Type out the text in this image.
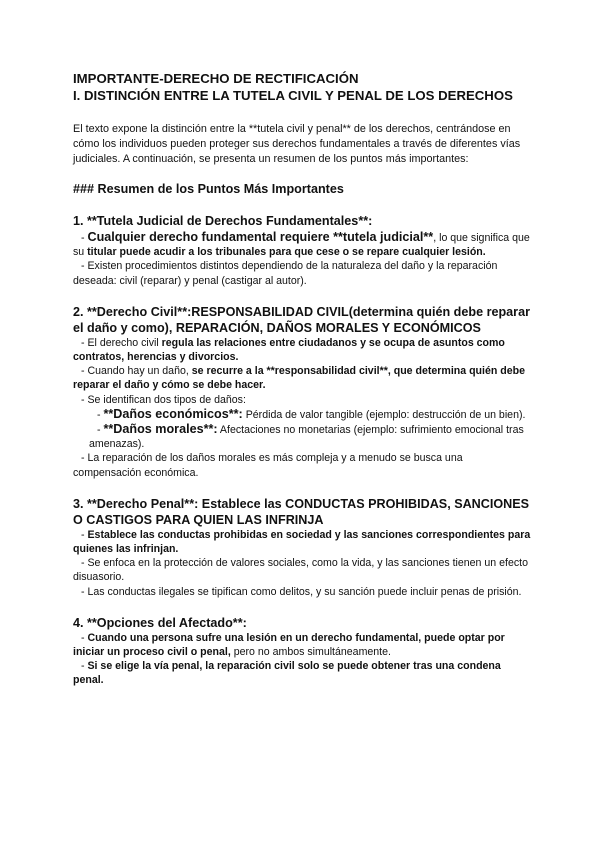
IMPORTANTE-DERECHO DE RECTIFICACIÓN
I. DISTINCIÓN ENTRE LA TUTELA CIVIL Y PENAL DE LOS DERECHOS

El texto expone la distinción entre la **tutela civil y penal** de los derechos, centrándose en cómo los individuos pueden proteger sus derechos fundamentales a través de diferentes vías judiciales. A continuación, se presenta un resumen de los puntos más importantes:

### Resumen de los Puntos Más Importantes

1. **Tutela Judicial de Derechos Fundamentales**:

- Cualquier derecho fundamental requiere **tutela judicial**, lo que significa que su titular puede acudir a los tribunales para que cese o se repare cualquier lesión.

- Existen procedimientos distintos dependiendo de la naturaleza del daño y la reparación deseada: civil (reparar) y penal (castigar al autor).

2. **Derecho Civil**:RESPONSABILIDAD CIVIL(determina quién debe reparar el daño y como), REPARACIÓN, DAÑOS MORALES Y ECONÓMICOS

- El derecho civil regula las relaciones entre ciudadanos y se ocupa de asuntos como contratos, herencias y divorcios.

- Cuando hay un daño, se recurre a la **responsabilidad civil**, que determina quién debe reparar el daño y cómo se debe hacer.

- Se identifican dos tipos de daños:

- **Daños económicos**: Pérdida de valor tangible (ejemplo: destrucción de un bien).

- **Daños morales**: Afectaciones no monetarias (ejemplo: sufrimiento emocional tras amenazas).

- La reparación de los daños morales es más compleja y a menudo se busca una compensación económica.

3. **Derecho Penal**: Establece las CONDUCTAS PROHIBIDAS, SANCIONES O CASTIGOS PARA QUIEN LAS INFRINJA

- Establece las conductas prohibidas en sociedad y las sanciones correspondientes para quienes las infrinjan.

- Se enfoca en la protección de valores sociales, como la vida, y las sanciones tienen un efecto disuasorio.

- Las conductas ilegales se tipifican como delitos, y su sanción puede incluir penas de prisión.

4. **Opciones del Afectado**:

- Cuando una persona sufre una lesión en un derecho fundamental, puede optar por iniciar un proceso civil o penal, pero no ambos simultáneamente.

- Si se elige la vía penal, la reparación civil solo se puede obtener tras una condena penal.
